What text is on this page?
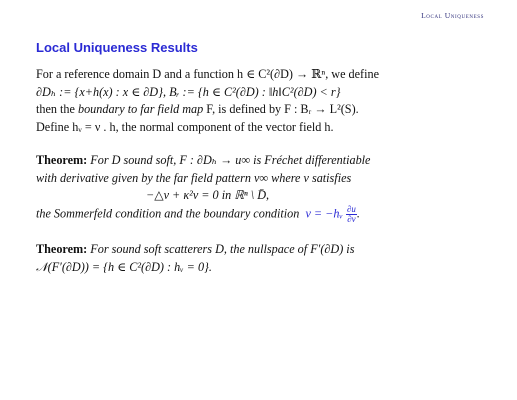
Local Uniqueness
Local Uniqueness Results
For a reference domain D and a function h ∈ C²(∂D) → ℝⁿ, we define
∂Dₕ := {x+h(x) : x ∈ ∂D}, Bᵣ := {h ∈ C²(∂D) : ‖h‖C²(∂D) < r}
then the boundary to far field map F, is defined by F : Bᵣ → L²(S).
Define hᵥ = ν . h, the normal component of the vector field h.
Theorem: For D sound soft, F : ∂Dₕ → u∞ is Fréchet differentiable
with derivative given by the far field pattern v∞ where v satisfies
−△v + κ²v = 0 in ℝⁿ \ D̄,
the Sommerfeld condition and the boundary condition v = −hᵥ $\frac{\partial u}{\partial\nu}$ .
Theorem: For sound soft scatterers D, the nullspace of F′(∂D) is
𝒩(F′(∂D)) = {h ∈ C²(∂D) : hᵥ = 0}.
